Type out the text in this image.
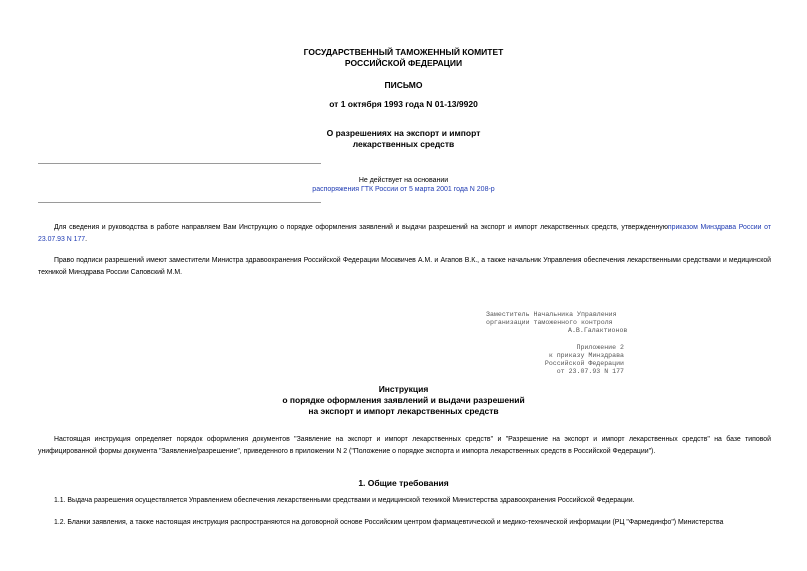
ГОСУДАРСТВЕННЫЙ ТАМОЖЕННЫЙ КОМИТЕТ
РОССИЙСКОЙ ФЕДЕРАЦИИ
ПИСЬМО
от 1 октября 1993 года N 01-13/9920
О разрешениях на экспорт и импорт
лекарственных средств
Не действует на основании
распоряжения ГТК России от 5 марта 2001 года N 208-р
Для сведения и руководства в работе направляем Вам Инструкцию о порядке оформления заявлений и выдачи разрешений на экспорт и импорт лекарственных средств, утвержденнуюприказом Минздрава России от 23.07.93 N 177.
Право подписи разрешений имеют заместители Министра здравоохранения Российской Федерации Москвичев А.М. и Агапов В.К., а также начальник Управления обеспечения лекарственными средствами и медицинской техникой Минздрава России Саповский М.М.
Заместитель Начальника Управления
организации таможенного контроля
А.В.Галактионов
Приложение 2
к приказу Минздрава
Российской Федерации
от 23.07.93 N 177
Инструкция
о порядке оформления заявлений и выдачи разрешений
на экспорт и импорт лекарственных средств
Настоящая инструкция определяет порядок оформления документов "Заявление на экспорт и импорт лекарственных средств" и "Разрешение на экспорт и импорт лекарственных средств" на базе типовой унифицированной формы документа "Заявление/разрешение", приведенного в приложении N 2 ("Положение о порядке экспорта и импорта лекарственных средств в Российской Федерации").
1. Общие требования
1.1. Выдача разрешения осуществляется Управлением обеспечения лекарственными средствами и медицинской техникой Министерства здравоохранения Российской Федерации.
1.2. Бланки заявления, а также настоящая инструкция распространяются на договорной основе Российским центром фармацевтической и медико-технической информации (РЦ "Фармединфо") Министерства
